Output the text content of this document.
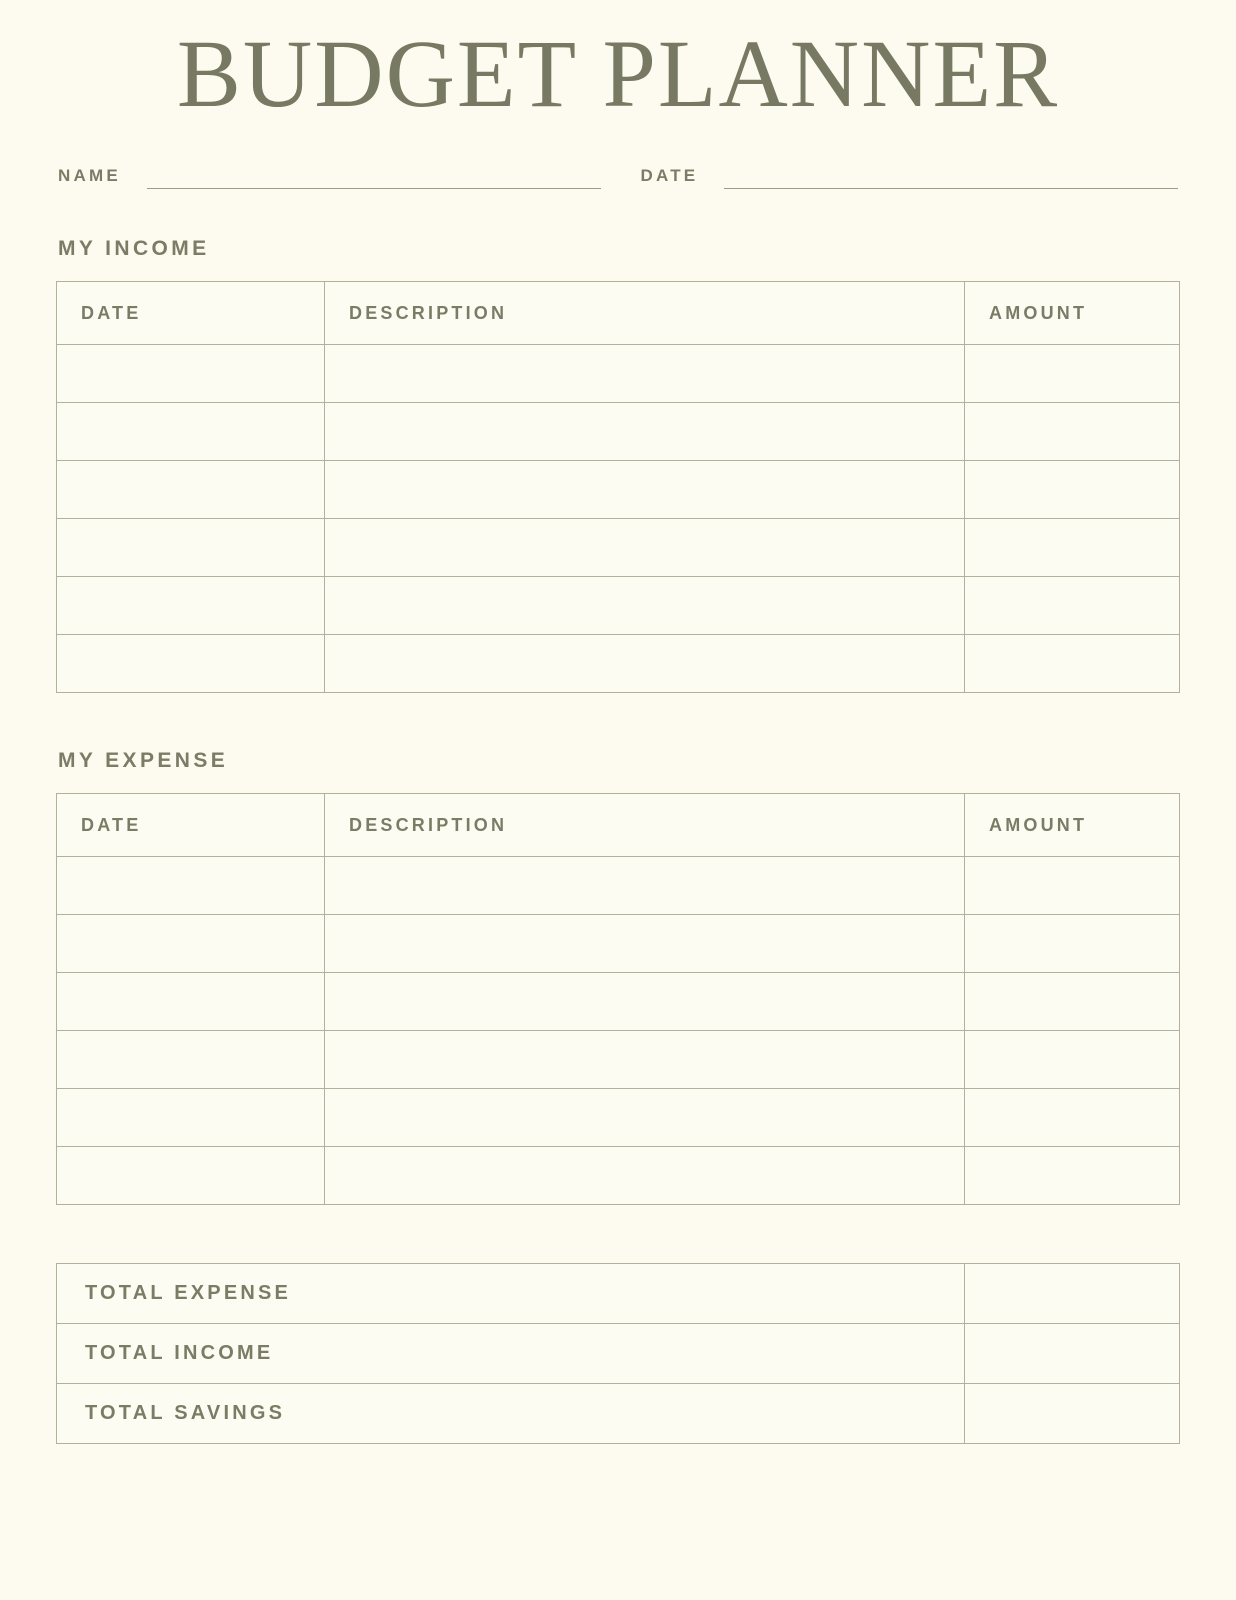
BUDGET PLANNER
NAME	DATE
MY INCOME
DATE	DESCRIPTION	AMOUNT

MY EXPENSE
DATE	DESCRIPTION	AMOUNT

TOTAL EXPENSE	
TOTAL INCOME	
TOTAL SAVINGS	
